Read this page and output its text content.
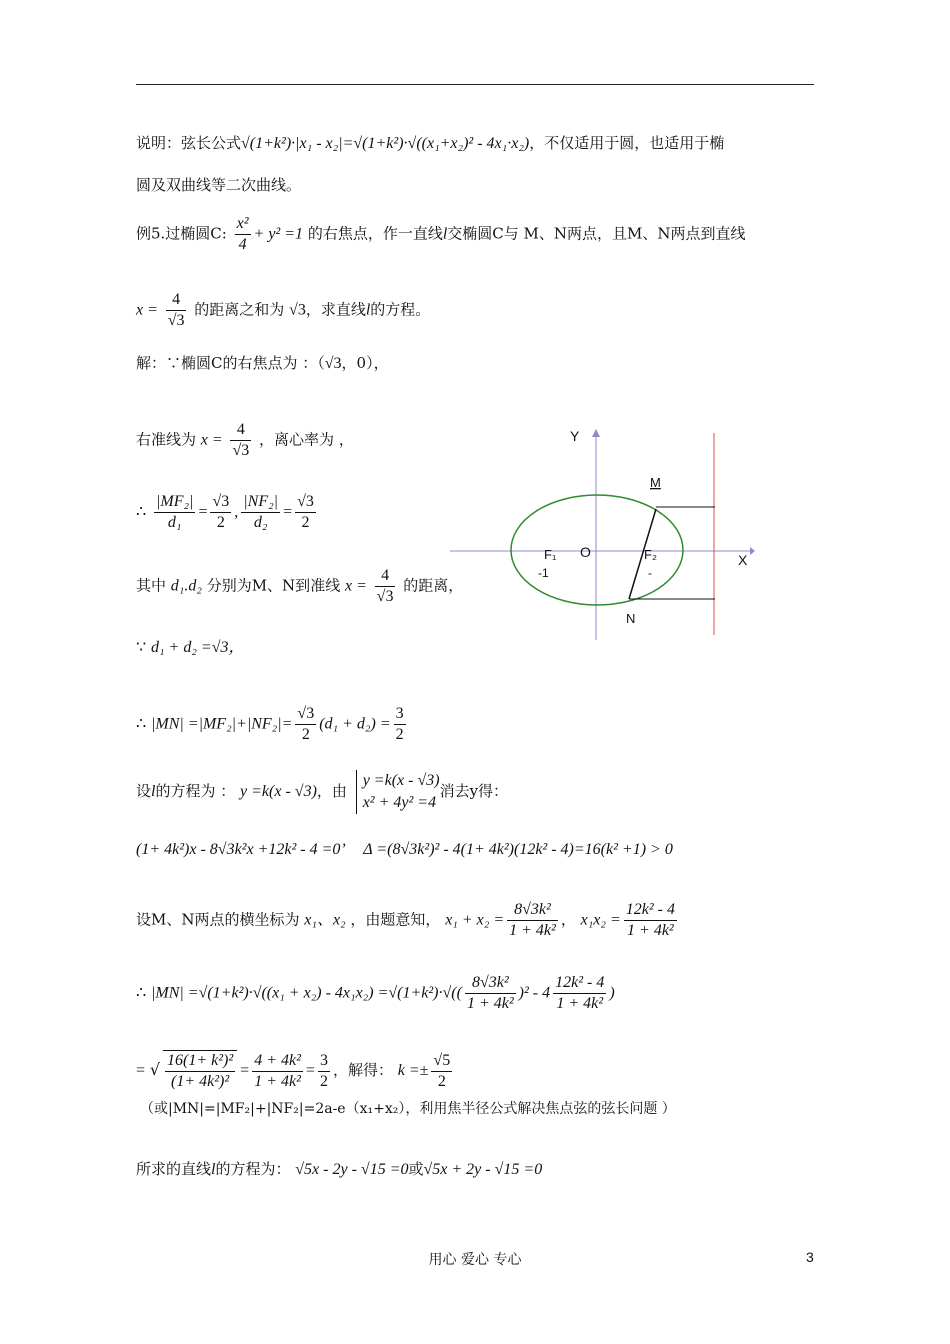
说明：弦长公式√(1+k²)·|x₁ - x₂|=√(1+k²)·√((x₁+x₂)² - 4x₁·x₂)，不仅适用于圆，也适用于椭
圆及双曲线等二次曲线。
例5.过椭圆C: $\frac{\text{x²}}{4} + y^2 =1$ 的右焦点，作一直线l交椭圆C与 M、N两点，且M、N两点到直线
$x = \frac{4}{√3}$ 的距离之和为 √3，求直线l的方程。
解：∵椭圆C的右焦点为 ：（√3，0），
右准线为 $x = \frac{4}{√3}$ ，离心率为 ，
∴ $\frac{\text{|MF₂|}}{\text{d₁}} = \frac{√3}{2}$ , $\frac{\text{|NF₂|}}{\text{d₂}} = \frac{√3}{2}$
其中 d₁.d₂ 分别为M、N到准线 $x = \frac{4}{√3}$ 的距离，
∵ d₁ + d₂ =√3，
∴ $|MN| =|MF_2|+|NF_2|= \frac{√3}{2} (d_1 + d_2) = \frac{3}{2}$
设l的方程为 ： y =k(x - √3)，由
y =k(x - √3)
x² + 4y² =4
消去y得：
(1+ 4k²)x - 8√3k²x +12k² - 4 =0’ Δ =(8√3k²)² - 4(1+ 4k²)(12k² - 4)=16(k² +1) > 0
设M、N两点的横坐标为 x₁、x₂ ，由题意知， $x_1 + x_2 = \frac{\text{8√3k²}}{\text{1 + 4k²}}$ ， $x_1x_2 = \frac{\text{12k² - 4}}{\text{1 + 4k²}}$
∴ $|MN| =√(1+k^2)\cdot√((x_1 + x_2) - 4x_1x_2) =√(1+k^2)\cdot√(( \frac{\text{8√3k²}}{\text{1 + 4k²}} )^2 - 4 \frac{\text{12k² - 4}}{\text{1 + 4k²}}$ )
= √ $\frac{\text{16(1+ k²)²}}{\text{(1+ 4k²)²}} = \frac{\text{4 + 4k²}}{\text{1 + 4k²}} = \frac{3}{2}$ ，解得： $k =\pm \frac{√5}{2}$
（或|MN|=|MF₂|+|NF₂|=2a-e（x₁+x₂），利用焦半径公式解决焦点弦的弦长问题 ）
所求的直线l的方程为： √5x - 2y - √15 =0或√5x + 2y - √15 =0
Y
X
O
F₁
-1
F₂
-
M
N
用心 爱心 专心	3
